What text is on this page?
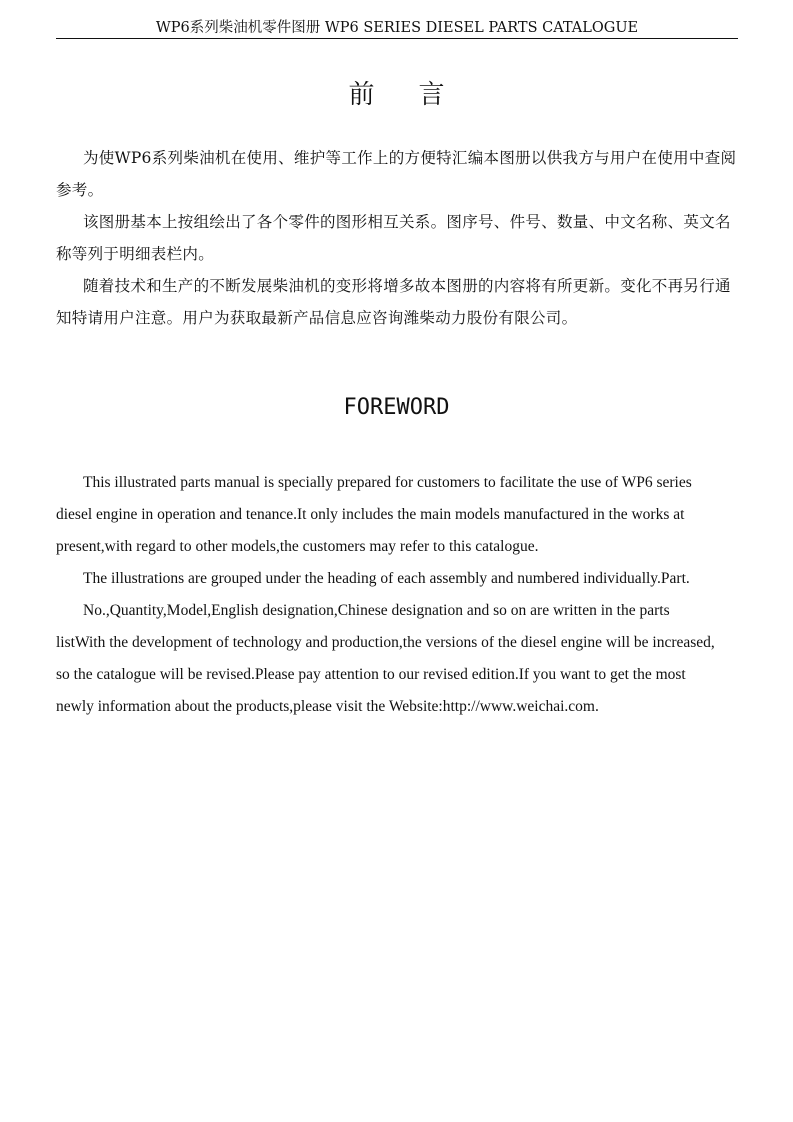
WP6系列柴油机零件图册 WP6 SERIES DIESEL PARTS CATALOGUE
前言

为使WP6系列柴油机在使用、维护等工作上的方便特汇编本图册以供我方与用户在使用中查阅参考。

该图册基本上按组绘出了各个零件的图形相互关系。图序号、件号、数量、中文名称、英文名称等列于明细表栏内。

随着技术和生产的不断发展柴油机的变形将增多故本图册的内容将有所更新。变化不再另行通知特请用户注意。用户为获取最新产品信息应咨询潍柴动力股份有限公司。

FOREWORD
This illustrated parts manual is specially prepared for customers to facilitate the use of WP6 series
diesel engine in operation and tenance.It only includes the main models manufactured in the works at
present,with regard to other models,the customers may refer to this catalogue.
The illustrations are grouped under the heading of each assembly and numbered individually.Part.
No.,Quantity,Model,English designation,Chinese designation and so on are written in the parts
listWith the development of technology and production,the versions of the diesel engine will be increased,
so the catalogue will be revised.Please pay attention to our revised edition.If you want to get the most
newly information about the products,please visit the Website:http://www.weichai.com.
